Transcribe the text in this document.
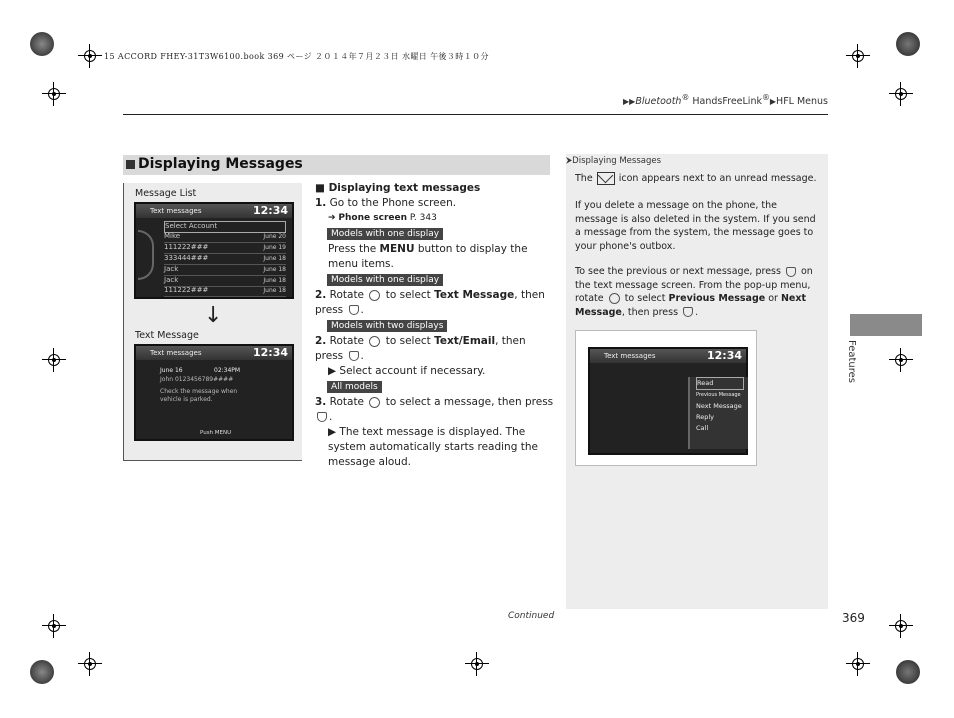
15 ACCORD FHEY-31T3W6100.book 369 ページ ２０１４年７月２３日 水曜日 午後３時１０分
▶▶Bluetooth® HandsFreeLink®▶HFL Menus
Displaying Messages
Message List
Text messages	12:34
Select Account
Mike	June 20
111222###	June 19
333444###	June 18
Jack	June 18
Jack	June 18
111222###	June 18
↓
Text Message
Text messages	12:34
June 16	02:34PM
John 0123456789####
Check the message when vehicle is parked.
Push MENU
■ Displaying text messages
1. Go to the Phone screen.
➔ Phone screen P. 343
Models with one display
Press the MENU button to display the menu items.
Models with one display
2. Rotate to select Text Message, then press .
Models with two displays
2. Rotate to select Text/Email, then press .
▶ Select account if necessary.
All models
3. Rotate to select a message, then press .
▶ The text message is displayed. The system automatically starts reading the message aloud.
⮞Displaying Messages
The	icon appears next to an unread message.
If you delete a message on the phone, the message is also deleted in the system. If you send a message from the system, the message goes to your phone's outbox.
To see the previous or next message, press on the text message screen. From the pop-up menu, rotate to select Previous Message or Next Message, then press .
Text messages	12:34
Read
Previous Message
Next Message
Reply
Call
Features
Continued	369
